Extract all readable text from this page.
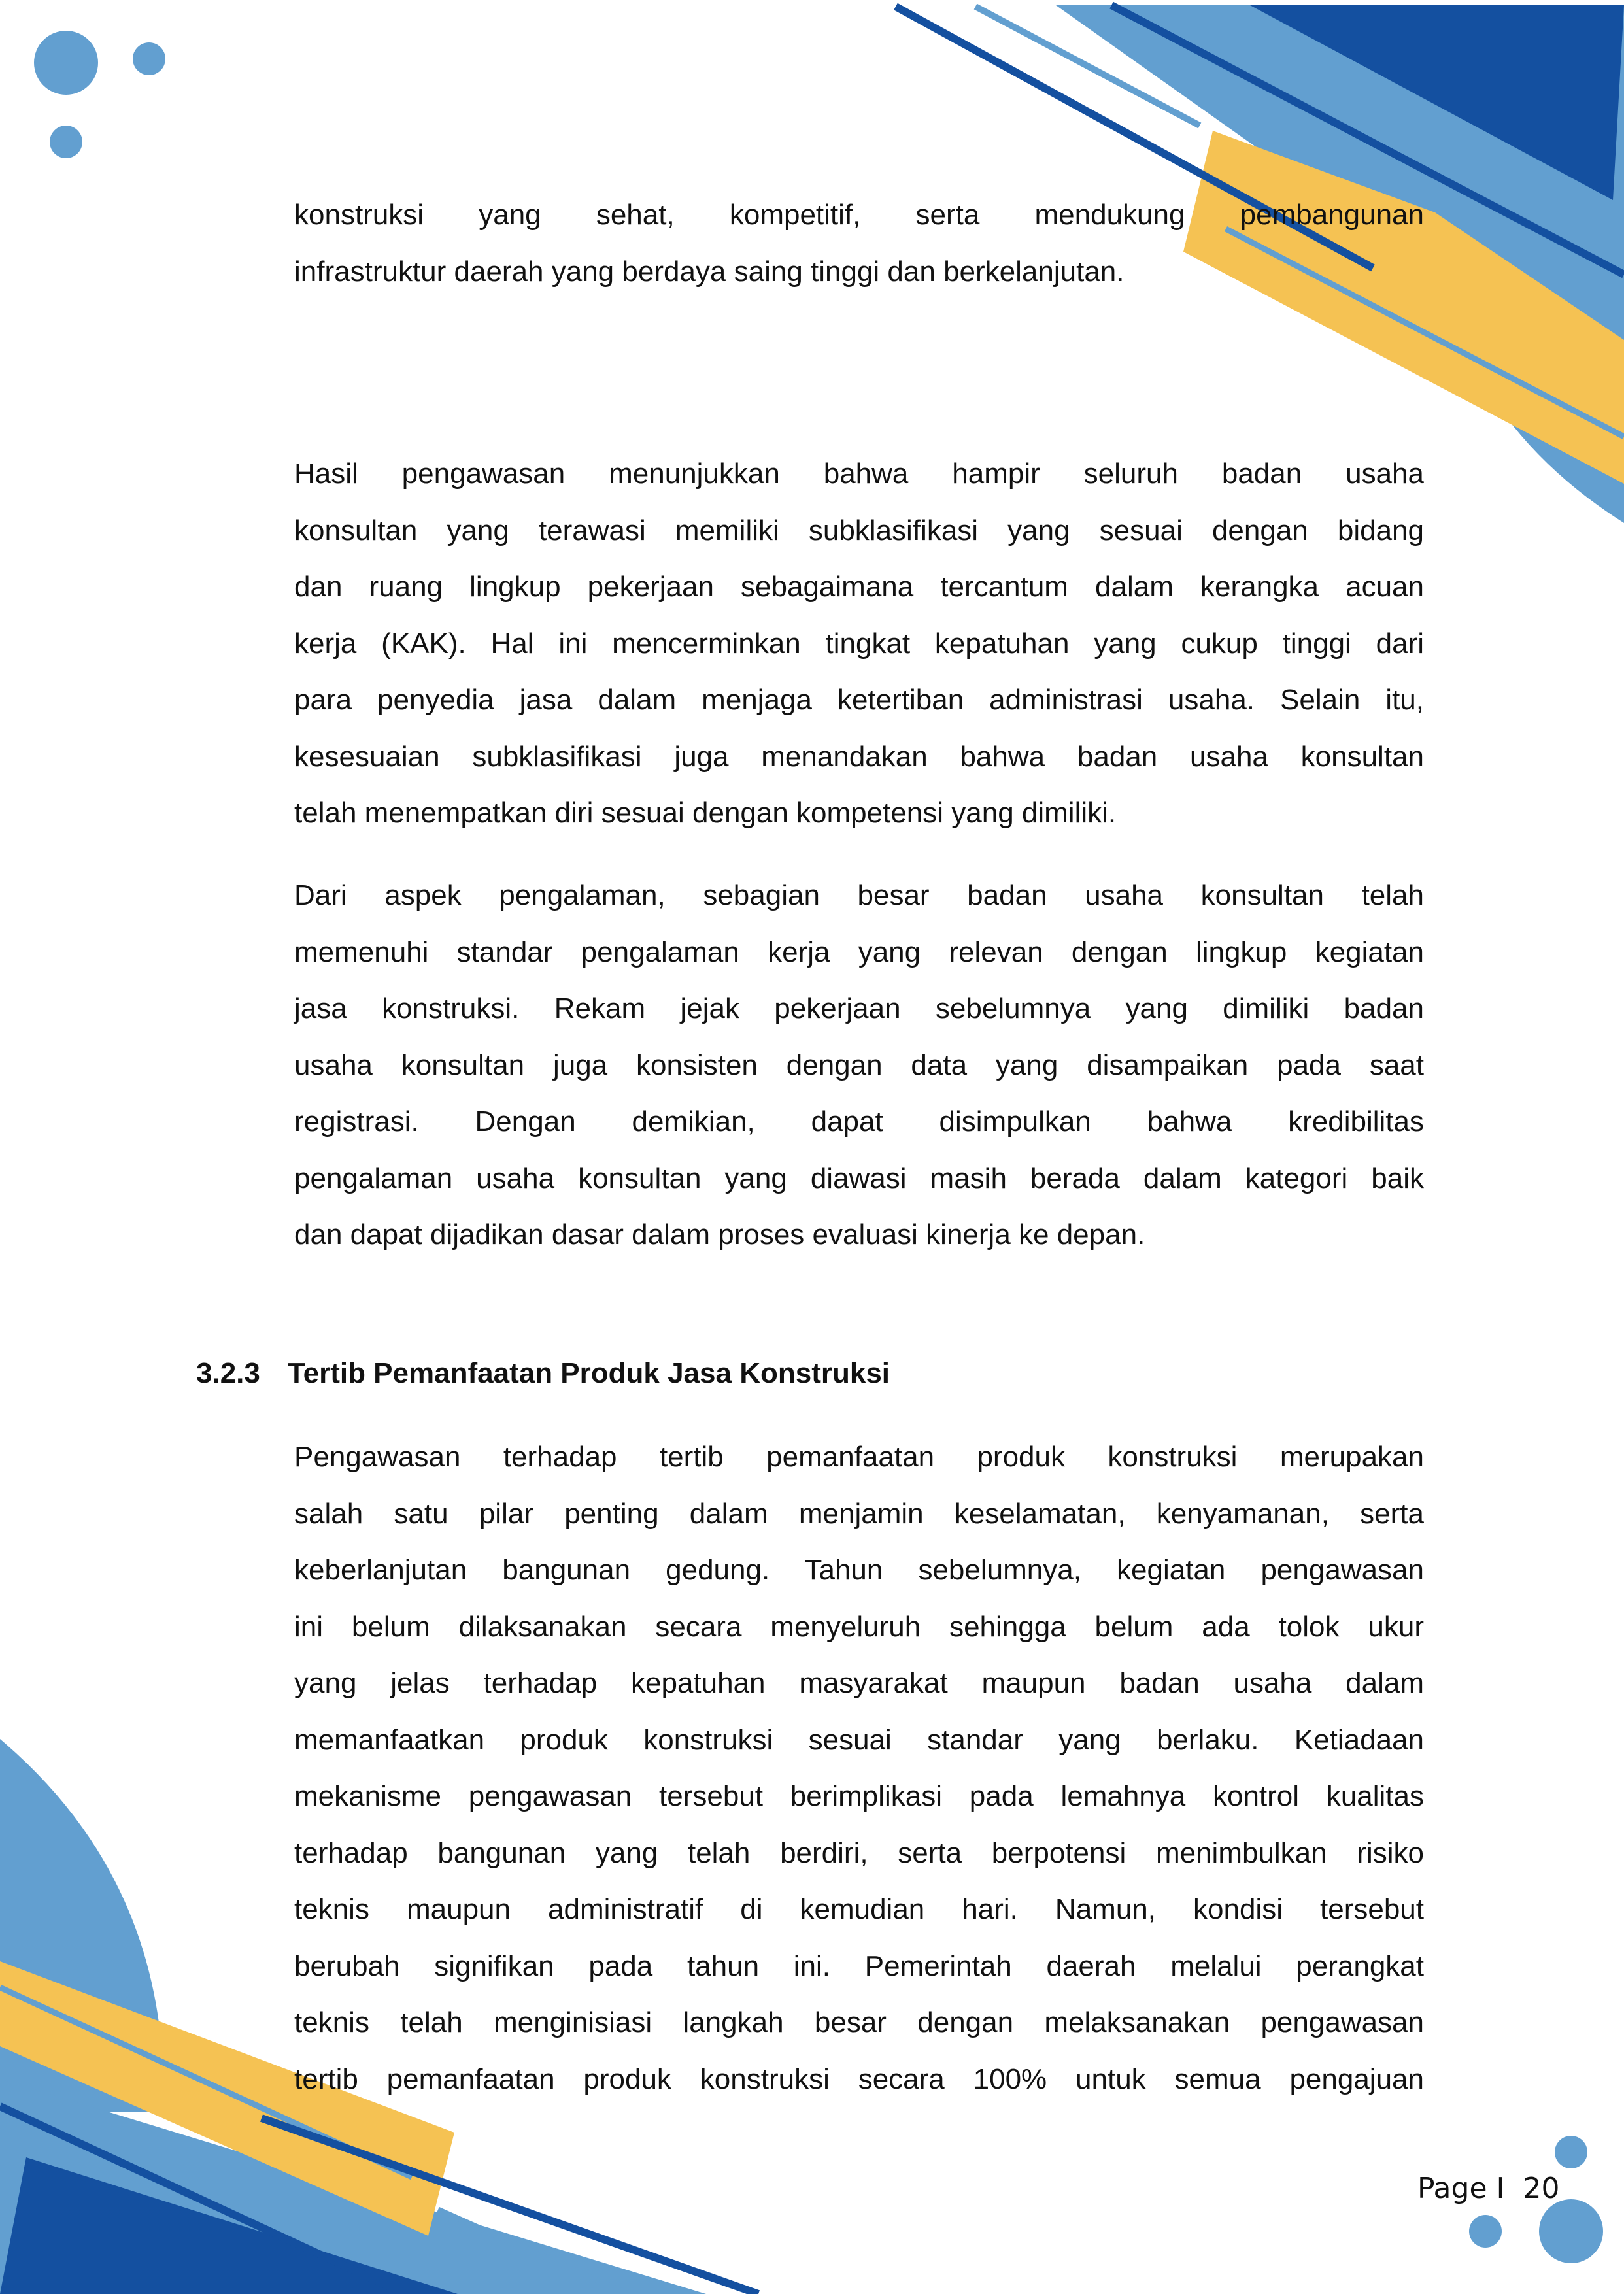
konstruksi yang sehat, kompetitif, serta mendukung pembangunan
infrastruktur daerah yang berdaya saing tinggi dan berkelanjutan.
Hasil pengawasan menunjukkan bahwa hampir seluruh badan usaha
konsultan yang terawasi memiliki subklasifikasi yang sesuai dengan bidang
dan ruang lingkup pekerjaan sebagaimana tercantum dalam kerangka acuan
kerja (KAK). Hal ini mencerminkan tingkat kepatuhan yang cukup tinggi dari
para penyedia jasa dalam menjaga ketertiban administrasi usaha. Selain itu,
kesesuaian subklasifikasi juga menandakan bahwa badan usaha konsultan
telah menempatkan diri sesuai dengan kompetensi yang dimiliki.
Dari aspek pengalaman, sebagian besar badan usaha konsultan telah
memenuhi standar pengalaman kerja yang relevan dengan lingkup kegiatan
jasa konstruksi. Rekam jejak pekerjaan sebelumnya yang dimiliki badan
usaha konsultan juga konsisten dengan data yang disampaikan pada saat
registrasi. Dengan demikian, dapat disimpulkan bahwa kredibilitas
pengalaman usaha konsultan yang diawasi masih berada dalam kategori baik
dan dapat dijadikan dasar dalam proses evaluasi kinerja ke depan.
3.2.3 Tertib Pemanfaatan Produk Jasa Konstruksi
Pengawasan terhadap tertib pemanfaatan produk konstruksi merupakan
salah satu pilar penting dalam menjamin keselamatan, kenyamanan, serta
keberlanjutan bangunan gedung. Tahun sebelumnya, kegiatan pengawasan
ini belum dilaksanakan secara menyeluruh sehingga belum ada tolok ukur
yang jelas terhadap kepatuhan masyarakat maupun badan usaha dalam
memanfaatkan produk konstruksi sesuai standar yang berlaku. Ketiadaan
mekanisme pengawasan tersebut berimplikasi pada lemahnya kontrol kualitas
terhadap bangunan yang telah berdiri, serta berpotensi menimbulkan risiko
teknis maupun administratif di kemudian hari. Namun, kondisi tersebut
berubah signifikan pada tahun ini. Pemerintah daerah melalui perangkat
teknis telah menginisiasi langkah besar dengan melaksanakan pengawasan
tertib pemanfaatan produk konstruksi secara 100% untuk semua pengajuan
Page I  20
